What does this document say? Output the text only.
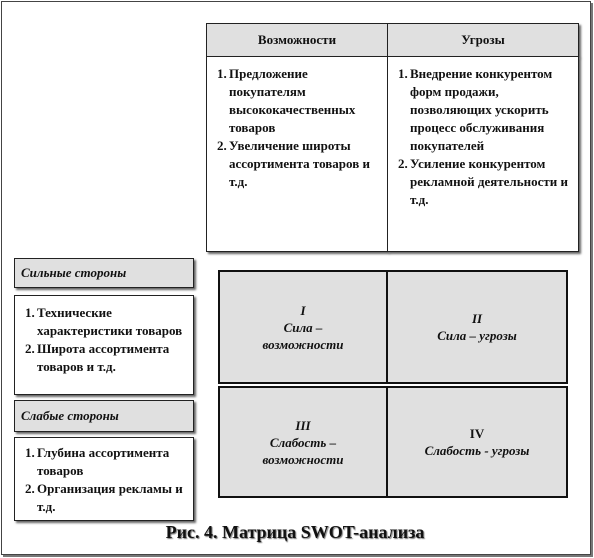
Возможности	Угрозы
Предложение покупателям высококачественных товаров
Увеличение широты ассортимента товаров и т.д.
Внедрение конкурентом форм продажи, позволяющих ускорить процесс обслуживания покупателей
Усиление конкурентом рекламной деятельности и т.д.
Сильные стороны
Технические характеристики товаров
Широта ассортимента товаров и т.д.
Слабые стороны
Глубина ассортимента товаров
Организация рекламы и т.д.
I
Сила – возможности
II
Сила – угрозы
III
Слабость – возможности
IV
Слабость - угрозы
Рис. 4. Матрица SWOT-анализа
